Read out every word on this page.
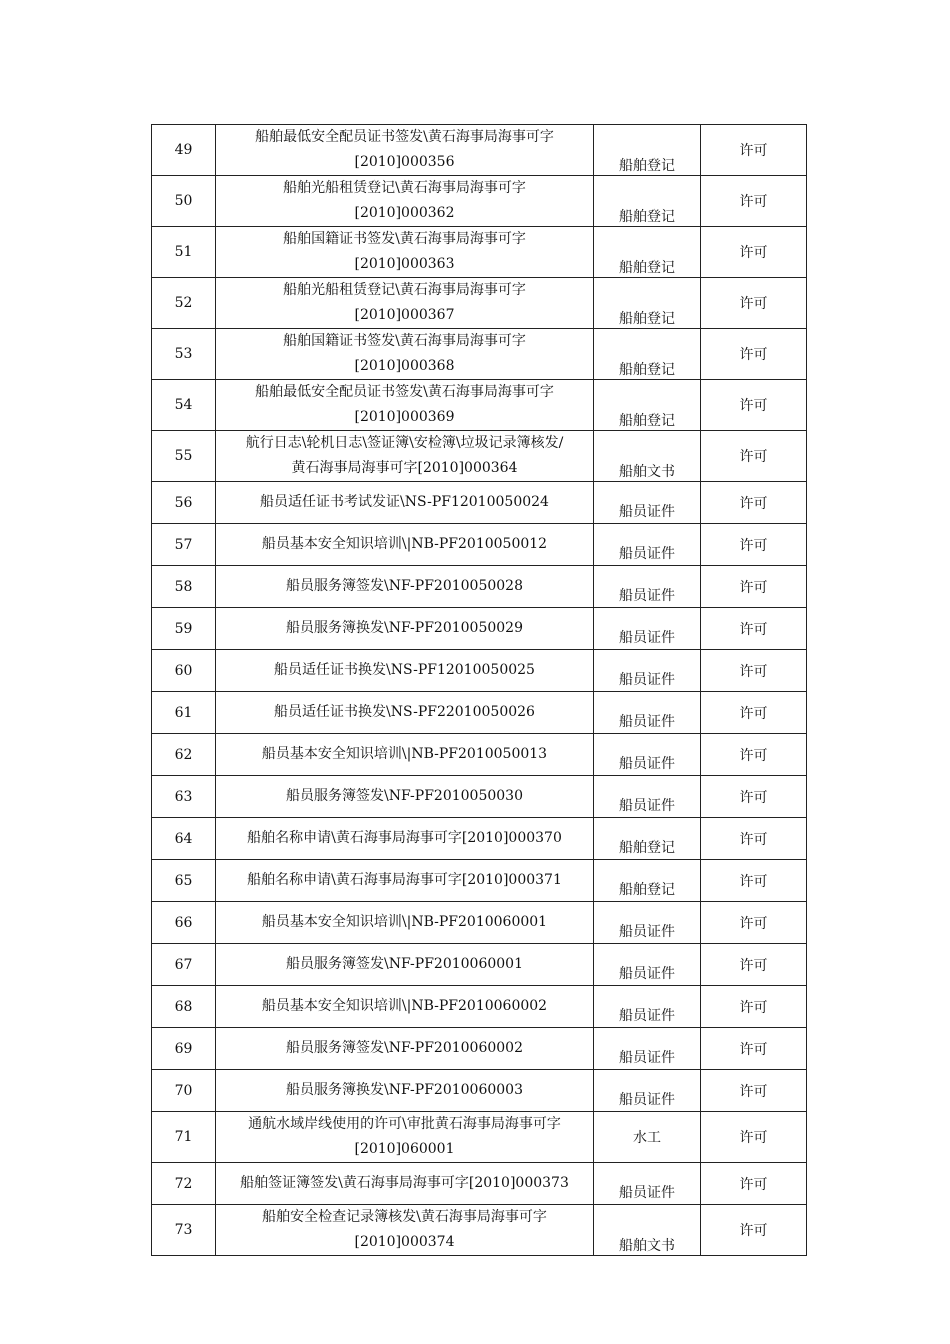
49	船舶最低安全配员证书签发\黄石海事局海事可字
[2010]000356	船舶登记	许可
50	船舶光船租赁登记\黄石海事局海事可字
[2010]000362	船舶登记	许可
51	船舶国籍证书签发\黄石海事局海事可字
[2010]000363	船舶登记	许可
52	船舶光船租赁登记\黄石海事局海事可字
[2010]000367	船舶登记	许可
53	船舶国籍证书签发\黄石海事局海事可字
[2010]000368	船舶登记	许可
54	船舶最低安全配员证书签发\黄石海事局海事可字
[2010]000369	船舶登记	许可
55	航行日志\轮机日志\签证簿\安检簿\垃圾记录簿核发/
黄石海事局海事可字[2010]000364	船舶文书	许可
56	船员适任证书考试发证\NS-PF12010050024	船员证件	许可
57	船员基本安全知识培训\|NB-PF2010050012	船员证件	许可
58	船员服务簿签发\NF-PF2010050028	船员证件	许可
59	船员服务簿换发\NF-PF2010050029	船员证件	许可
60	船员适任证书换发\NS-PF12010050025	船员证件	许可
61	船员适任证书换发\NS-PF22010050026	船员证件	许可
62	船员基本安全知识培训\|NB-PF2010050013	船员证件	许可
63	船员服务簿签发\NF-PF2010050030	船员证件	许可
64	船舶名称申请\黄石海事局海事可字[2010]000370	船舶登记	许可
65	船舶名称申请\黄石海事局海事可字[2010]000371	船舶登记	许可
66	船员基本安全知识培训\|NB-PF2010060001	船员证件	许可
67	船员服务簿签发\NF-PF2010060001	船员证件	许可
68	船员基本安全知识培训\|NB-PF2010060002	船员证件	许可
69	船员服务簿签发\NF-PF2010060002	船员证件	许可
70	船员服务簿换发\NF-PF2010060003	船员证件	许可
71	通航水域岸线使用的许可\审批黄石海事局海事可字
[2010]060001	水工	许可
72	船舶签证簿签发\黄石海事局海事可字[2010]000373	船员证件	许可
73	船舶安全检查记录簿核发\黄石海事局海事可字
[2010]000374	船舶文书	许可
